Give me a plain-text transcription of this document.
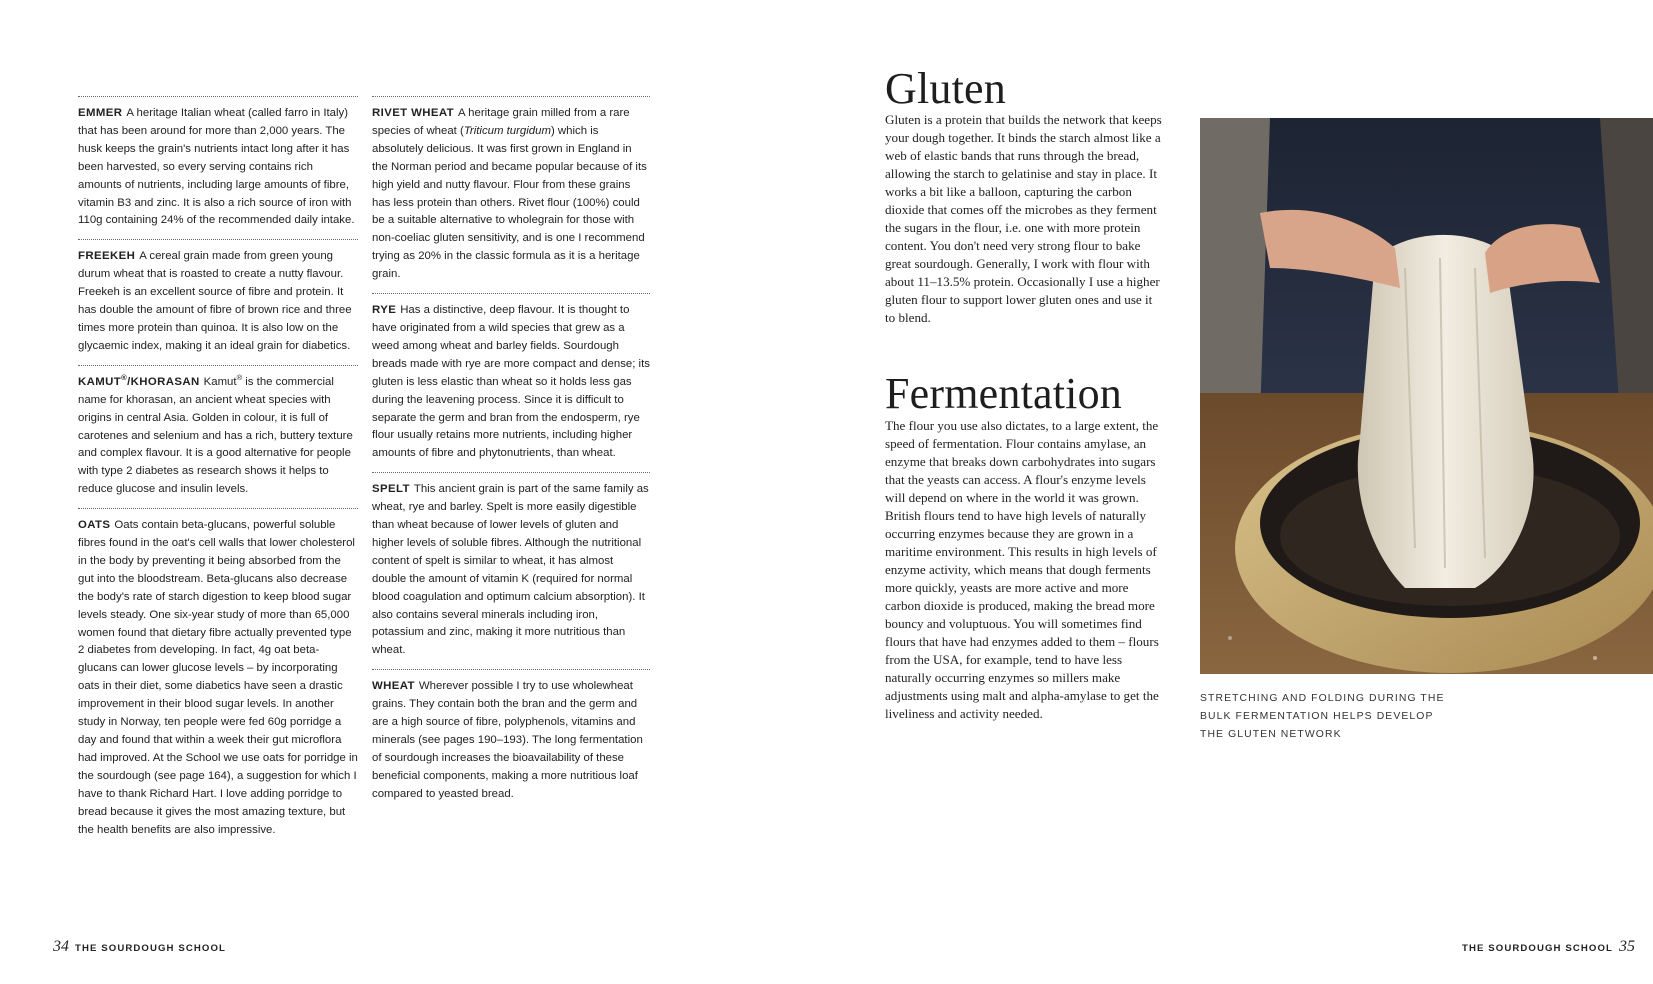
EMMER A heritage Italian wheat (called farro in Italy) that has been around for more than 2,000 years. The husk keeps the grain's nutrients intact long after it has been harvested, so every serving contains rich amounts of nutrients, including large amounts of fibre, vitamin B3 and zinc. It is also a rich source of iron with 110g containing 24% of the recommended daily intake.
FREEKEH A cereal grain made from green young durum wheat that is roasted to create a nutty flavour. Freekeh is an excellent source of fibre and protein. It has double the amount of fibre of brown rice and three times more protein than quinoa. It is also low on the glycaemic index, making it an ideal grain for diabetics.
KAMUT®/KHORASAN Kamut® is the commercial name for khorasan, an ancient wheat species with origins in central Asia. Golden in colour, it is full of carotenes and selenium and has a rich, buttery texture and complex flavour. It is a good alternative for people with type 2 diabetes as research shows it helps to reduce glucose and insulin levels.
OATS Oats contain beta-glucans, powerful soluble fibres found in the oat's cell walls that lower cholesterol in the body by preventing it being absorbed from the gut into the bloodstream. Beta-glucans also decrease the body's rate of starch digestion to keep blood sugar levels steady. One six-year study of more than 65,000 women found that dietary fibre actually prevented type 2 diabetes from developing. In fact, 4g oat beta-glucans can lower glucose levels – by incorporating oats in their diet, some diabetics have seen a drastic improvement in their blood sugar levels. In another study in Norway, ten people were fed 60g porridge a day and found that within a week their gut microflora had improved. At the School we use oats for porridge in the sourdough (see page 164), a suggestion for which I have to thank Richard Hart. I love adding porridge to bread because it gives the most amazing texture, but the health benefits are also impressive.
RIVET WHEAT A heritage grain milled from a rare species of wheat (Triticum turgidum) which is absolutely delicious. It was first grown in England in the Norman period and became popular because of its high yield and nutty flavour. Flour from these grains has less protein than others. Rivet flour (100%) could be a suitable alternative to wholegrain for those with non-coeliac gluten sensitivity, and is one I recommend trying as 20% in the classic formula as it is a heritage grain.
RYE Has a distinctive, deep flavour. It is thought to have originated from a wild species that grew as a weed among wheat and barley fields. Sourdough breads made with rye are more compact and dense; its gluten is less elastic than wheat so it holds less gas during the leavening process. Since it is difficult to separate the germ and bran from the endosperm, rye flour usually retains more nutrients, including higher amounts of fibre and phytonutrients, than wheat.
SPELT This ancient grain is part of the same family as wheat, rye and barley. Spelt is more easily digestible than wheat because of lower levels of gluten and higher levels of soluble fibres. Although the nutritional content of spelt is similar to wheat, it has almost double the amount of vitamin K (required for normal blood coagulation and optimum calcium absorption). It also contains several minerals including iron, potassium and zinc, making it more nutritious than wheat.
WHEAT Wherever possible I try to use wholewheat grains. They contain both the bran and the germ and are a high source of fibre, polyphenols, vitamins and minerals (see pages 190–193). The long fermentation of sourdough increases the bioavailability of these beneficial components, making a more nutritious loaf compared to yeasted bread.
34 THE SOURDOUGH SCHOOL
Gluten

Gluten is a protein that builds the network that keeps your dough together. It binds the starch almost like a web of elastic bands that runs through the bread, allowing the starch to gelatinise and stay in place. It works a bit like a balloon, capturing the carbon dioxide that comes off the microbes as they ferment the sugars in the flour, i.e. one with more protein content. You don't need very strong flour to bake great sourdough. Generally, I work with flour with about 11–13.5% protein. Occasionally I use a higher gluten flour to support lower gluten ones and use it to blend.

Fermentation

The flour you use also dictates, to a large extent, the speed of fermentation. Flour contains amylase, an enzyme that breaks down carbohydrates into sugars that the yeasts can access. A flour's enzyme levels will depend on where in the world it was grown. British flours tend to have high levels of naturally occurring enzymes because they are grown in a maritime environment. This results in high levels of enzyme activity, which means that dough ferments more quickly, yeasts are more active and more carbon dioxide is produced, making the bread more bouncy and voluptuous. You will sometimes find flours that have had enzymes added to them – flours from the USA, for example, tend to have less naturally occurring enzymes so millers make adjustments using malt and alpha-amylase to get the liveliness and activity needed.

STRETCHING AND FOLDING DURING THE
BULK FERMENTATION HELPS DEVELOP
THE GLUTEN NETWORK
THE SOURDOUGH SCHOOL 35
